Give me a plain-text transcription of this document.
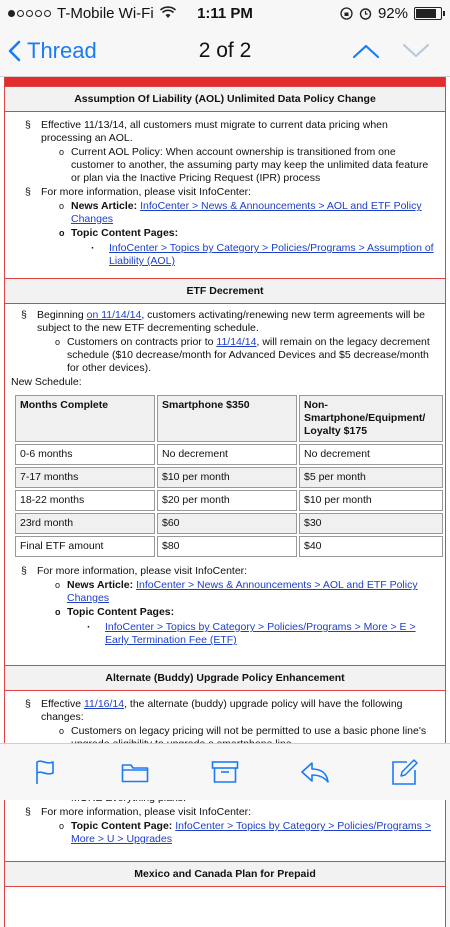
T-Mobile Wi-Fi	1:11 PM	92%
Thread	2 of 2
Assumption Of Liability (AOL) Unlimited Data Policy Change
§ Effective 11/13/14, all customers must migrate to current data pricing when processing an AOL.
o Current AOL Policy: When account ownership is transitioned from one customer to another, the assuming party may keep the unlimited data feature or plan via the Inactive Pricing Request (IPR) process
§ For more information, please visit InfoCenter:
o News Article: InfoCenter > News & Announcements > AOL and ETF Policy Changes
o Topic Content Pages:
· InfoCenter > Topics by Category > Policies/Programs > Assumption of Liability (AOL)
ETF Decrement
§ Beginning on 11/14/14, customers activating/renewing new term agreements will be subject to the new ETF decrementing schedule.
o Customers on contracts prior to 11/14/14, will remain on the legacy decrement schedule ($10 decrease/month for Advanced Devices and $5 decrease/month for other devices).
New Schedule:
Months Complete	Smartphone $350	Non-Smartphone/Equipment/ Loyalty $175
0-6 months	No decrement	No decrement
7-17 months	$10 per month	$5 per month
18-22 months	$20 per month	$10 per month
23rd month	$60	$30
Final ETF amount	$80	$40
§ For more information, please visit InfoCenter:
o News Article: InfoCenter > News & Announcements > AOL and ETF Policy Changes
o Topic Content Pages:
· InfoCenter > Topics by Category > Policies/Programs > More > E > Early Termination Fee (ETF)
Alternate (Buddy) Upgrade Policy Enhancement
§ Effective 11/16/14, the alternate (buddy) upgrade policy will have the following changes:
o Customers on legacy pricing will not be permitted to use a basic phone line's
o
o
§ For more information, please visit InfoCenter:
o Topic Content Page: InfoCenter > Topics by Category > Policies/Programs > More > U > Upgrades
Mexico and Canada Plan for Prepaid
